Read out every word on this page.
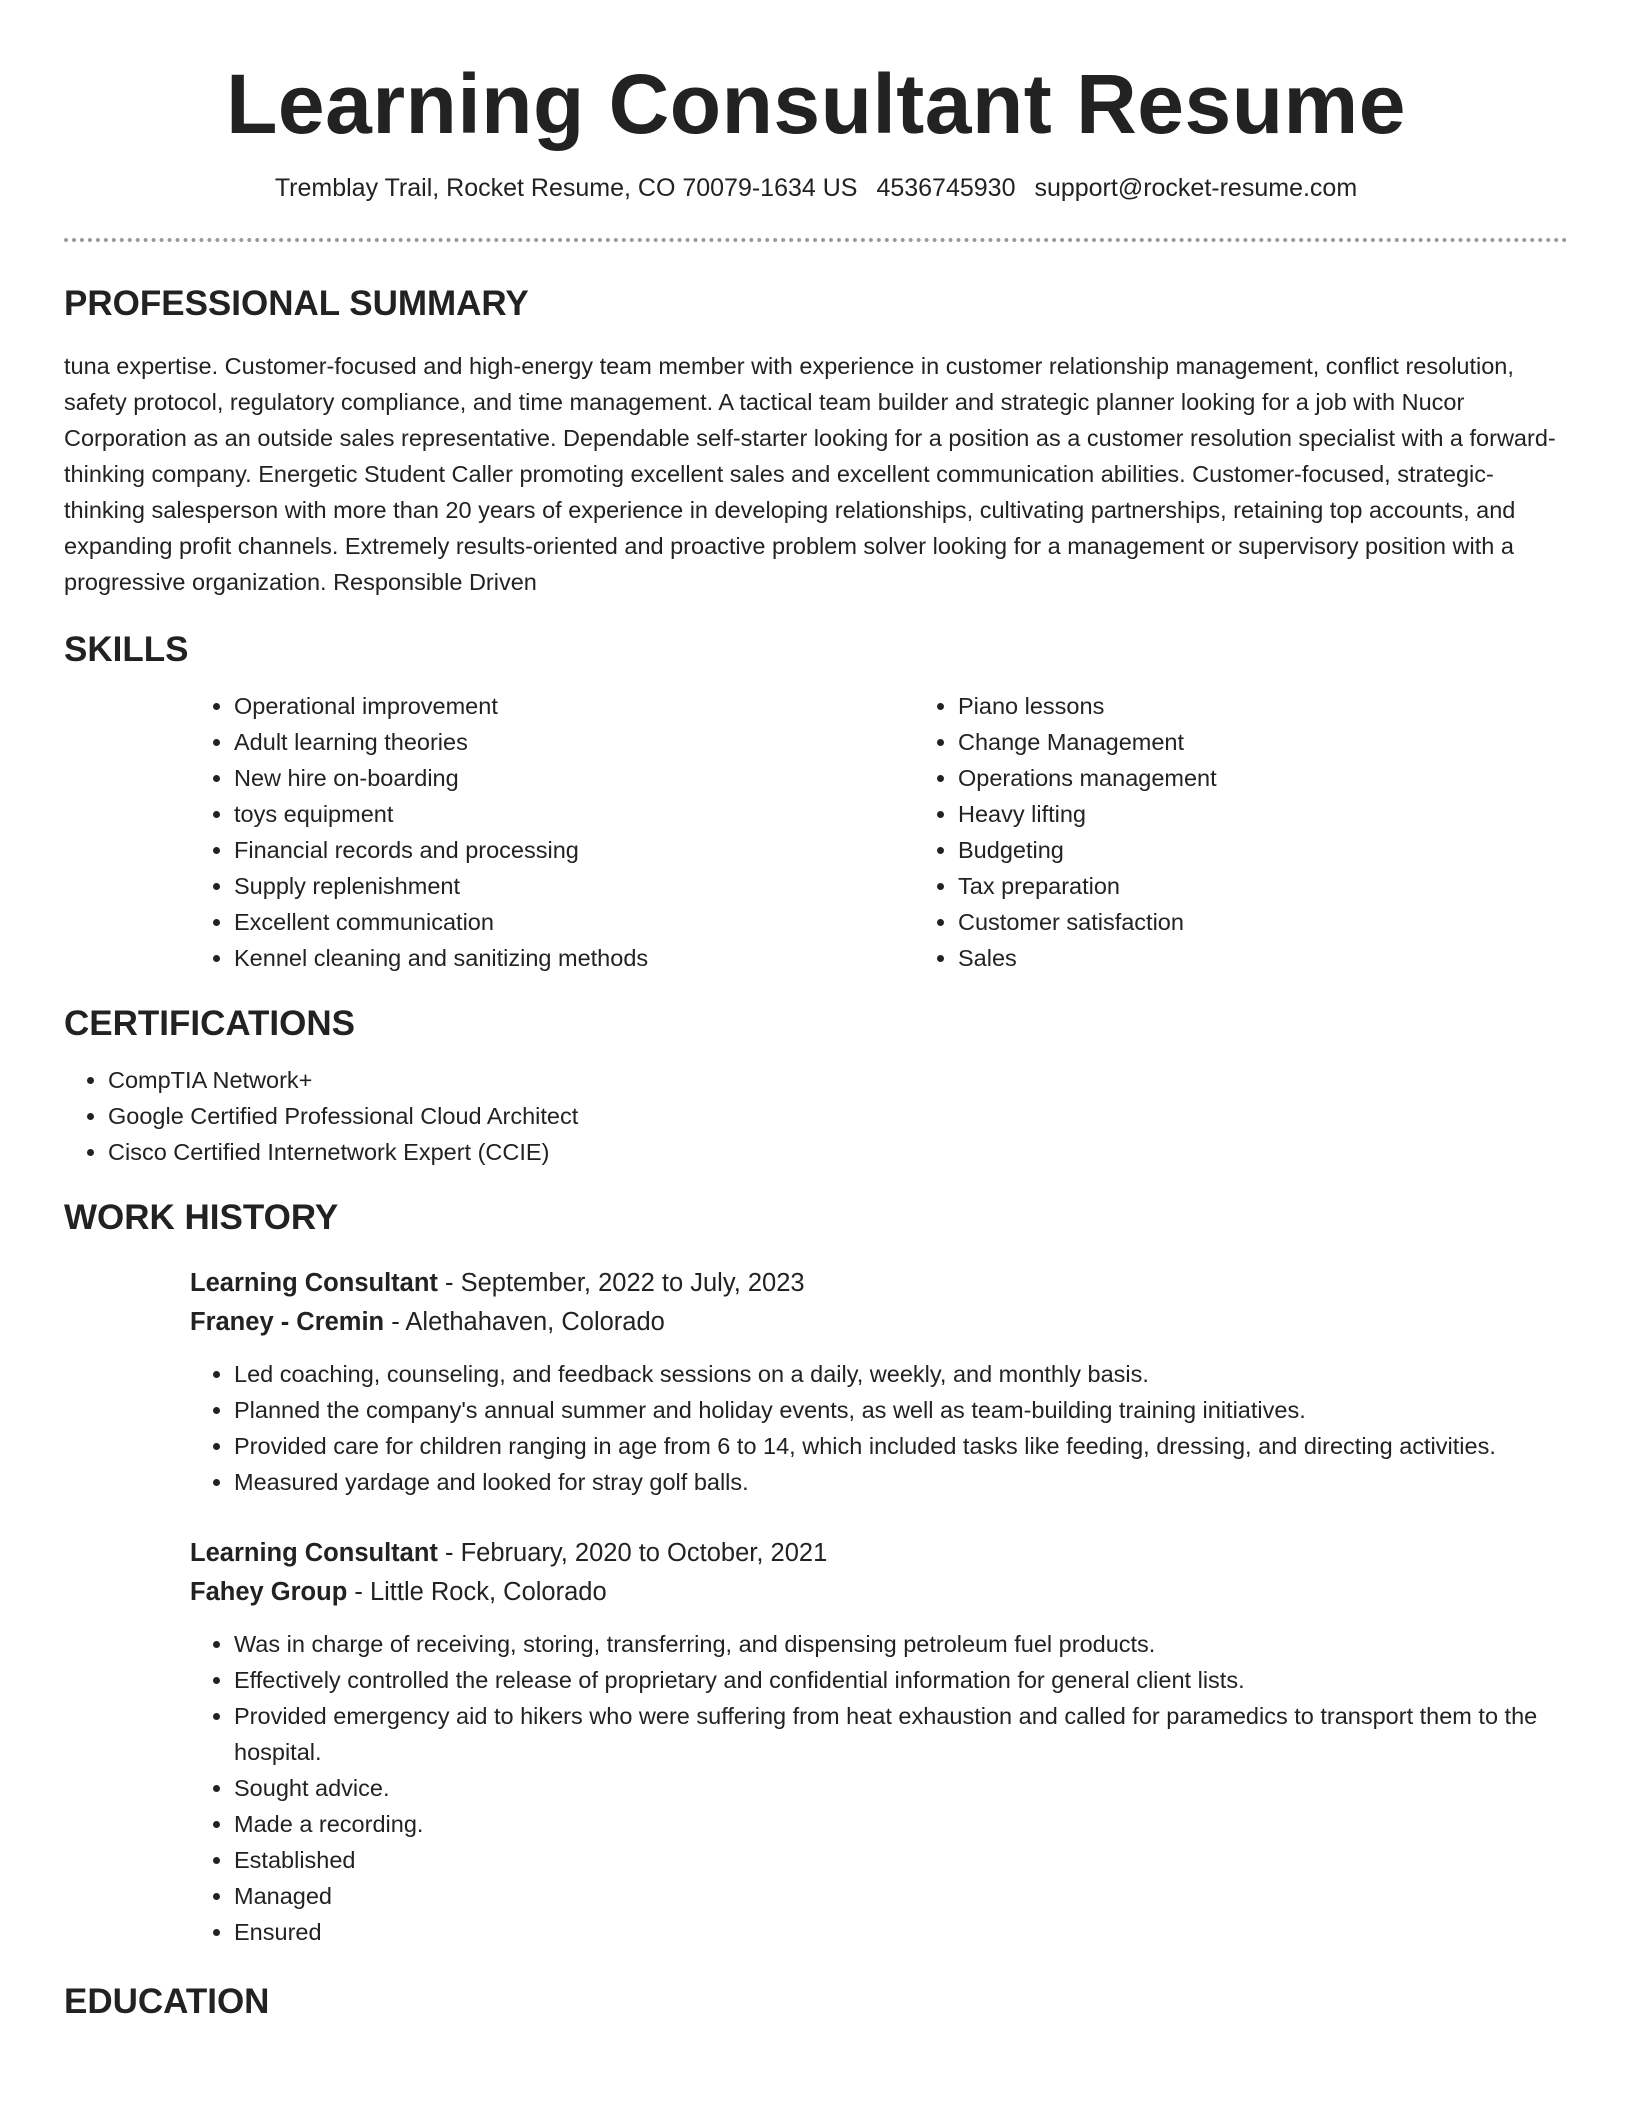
Learning Consultant Resume
Tremblay Trail, Rocket Resume, CO 70079-1634 US 4536745930 support@rocket-resume.com
PROFESSIONAL SUMMARY

tuna expertise. Customer-focused and high-energy team member with experience in customer relationship management, conflict resolution, safety protocol, regulatory compliance, and time management. A tactical team builder and strategic planner looking for a job with Nucor Corporation as an outside sales representative. Dependable self-starter looking for a position as a customer resolution specialist with a forward-thinking company. Energetic Student Caller promoting excellent sales and excellent communication abilities. Customer-focused, strategic-thinking salesperson with more than 20 years of experience in developing relationships, cultivating partnerships, retaining top accounts, and expanding profit channels. Extremely results-oriented and proactive problem solver looking for a management or supervisory position with a progressive organization. Responsible Driven

SKILLS
• Operational improvement
• Adult learning theories
• New hire on-boarding
• toys equipment
• Financial records and processing
• Supply replenishment
• Excellent communication
• Kennel cleaning and sanitizing methods
• Piano lessons
• Change Management
• Operations management
• Heavy lifting
• Budgeting
• Tax preparation
• Customer satisfaction
• Sales
CERTIFICATIONS
• CompTIA Network+
• Google Certified Professional Cloud Architect
• Cisco Certified Internetwork Expert (CCIE)
WORK HISTORY

Learning Consultant - September, 2022 to July, 2023

Franey - Cremin - Alethahaven, Colorado

• Led coaching, counseling, and feedback sessions on a daily, weekly, and monthly basis.
• Planned the company's annual summer and holiday events, as well as team-building training initiatives.
• Provided care for children ranging in age from 6 to 14, which included tasks like feeding, dressing, and directing activities.
• Measured yardage and looked for stray golf balls.

Learning Consultant - February, 2020 to October, 2021

Fahey Group - Little Rock, Colorado

• Was in charge of receiving, storing, transferring, and dispensing petroleum fuel products.
• Effectively controlled the release of proprietary and confidential information for general client lists.
• Provided emergency aid to hikers who were suffering from heat exhaustion and called for paramedics to transport them to the hospital.
• Sought advice.
• Made a recording.
• Established
• Managed
• Ensured
EDUCATION
